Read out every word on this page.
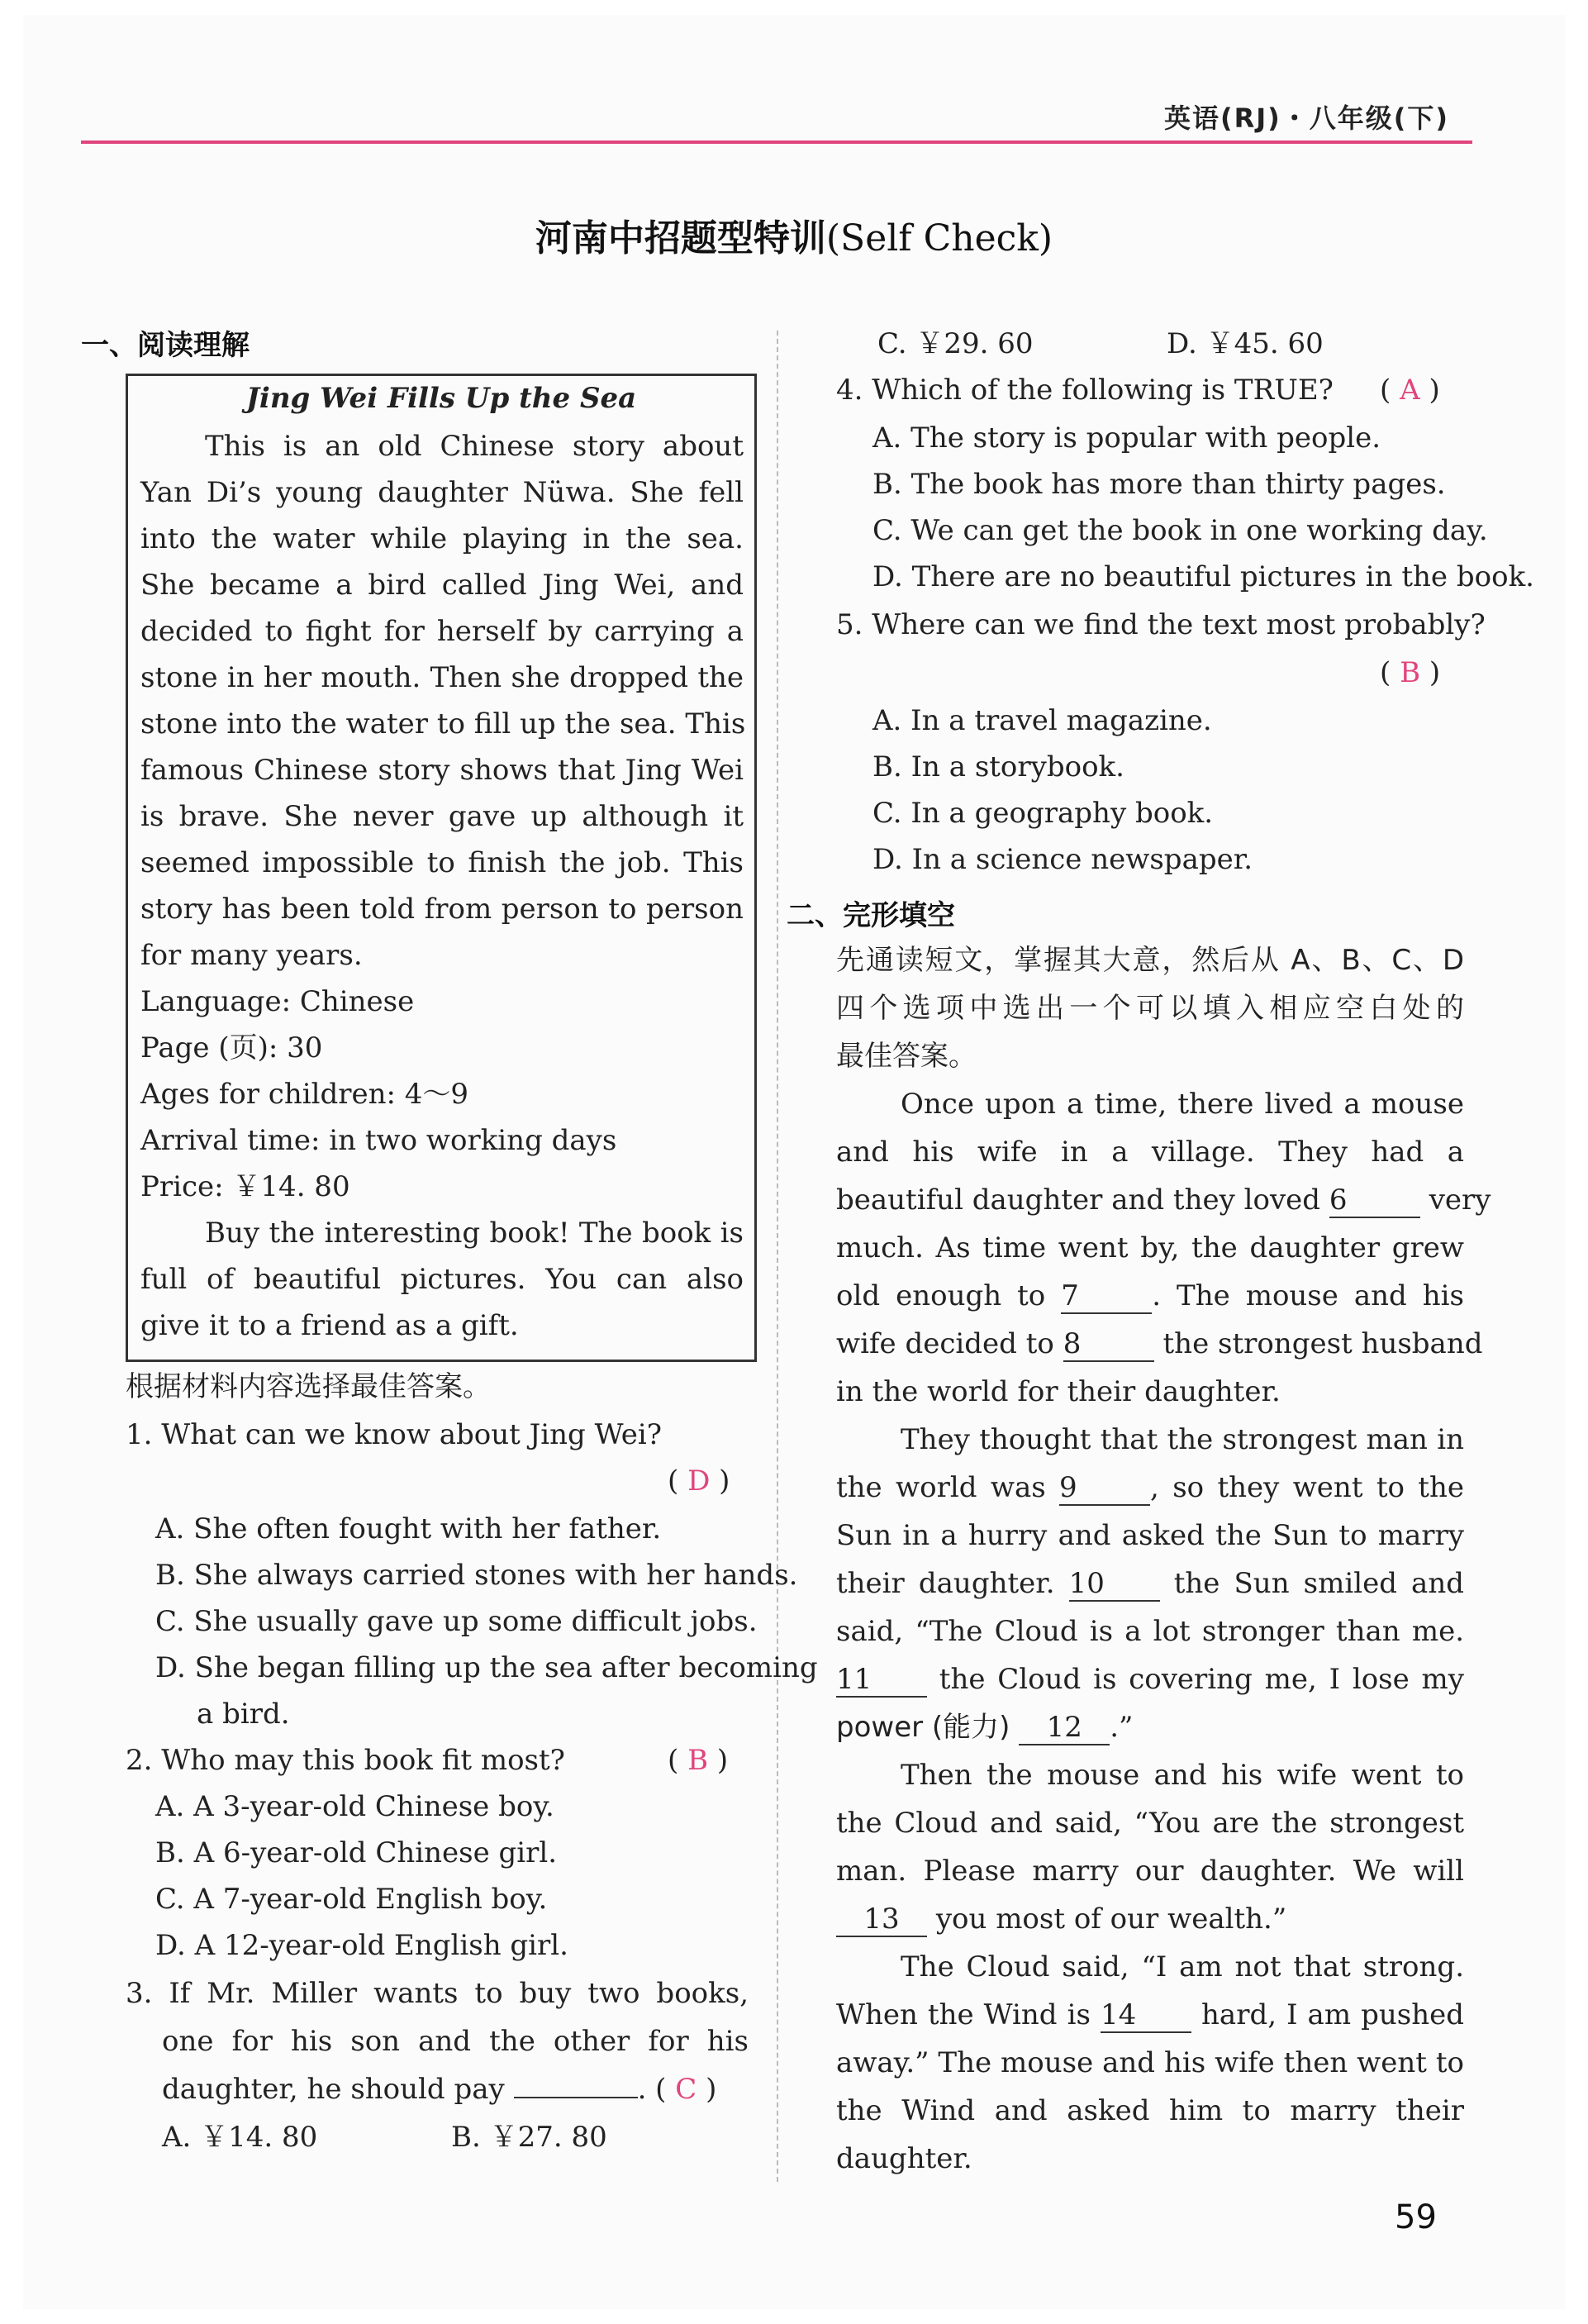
英语(RJ)・八年级(下)
河南中招题型特训(Self Check)
一、阅读理解
Jing Wei Fills Up the Sea
This is an old Chinese story about
Yan Di’s young daughter Nüwa. She fell
into the water while playing in the sea.
She became a bird called Jing Wei, and
decided to fight for herself by carrying a
stone in her mouth. Then she dropped the
stone into the water to fill up the sea. This
famous Chinese story shows that Jing Wei
is brave. She never gave up although it
seemed impossible to finish the job. This
story has been told from person to person
for many years.
Language: Chinese
Page (页): 30
Ages for children: 4～9
Arrival time: in two working days
Price: ￥14. 80
Buy the interesting book! The book is
full of beautiful pictures. You can also
give it to a friend as a gift.
根据材料内容选择最佳答案。
1. What can we know about Jing Wei?
( D )
A. She often fought with her father.
B. She always carried stones with her hands.
C. She usually gave up some difficult jobs.
D. She began filling up the sea after becoming
a bird.
2. Who may this book fit most?	( B )
A. A 3-year-old Chinese boy.
B. A 6-year-old Chinese girl.
C. A 7-year-old English boy.
D. A 12-year-old English girl.
3. If Mr. Miller wants to buy two books,
one for his son and the other for his
daughter, he should pay	. ( C )
A. ￥14. 80	B. ￥27. 80
C. ￥29. 60	D. ￥45. 60
4. Which of the following is TRUE? ( A )
A. The story is popular with people.
B. The book has more than thirty pages.
C. We can get the book in one working day.
D. There are no beautiful pictures in the book.
5. Where can we find the text most probably?
( B )
A. In a travel magazine.
B. In a storybook.
C. In a geography book.
D. In a science newspaper.
二、完形填空
先通读短文，掌握其大意，然后从 A、B、C、D
四个选项中选出一个可以填入相应空白处的
最佳答案。
Once upon a time, there lived a mouse
and his wife in a village. They had a
beautiful daughter and they loved 6	very
much. As time went by, the daughter grew
old enough to 7	. The mouse and his
wife decided to 8	the strongest husband
in the world for their daughter.
They thought that the strongest man in
the world was 9	, so they went to the
Sun in a hurry and asked the Sun to marry
their daughter. 10 the Sun smiled and
said, “The Cloud is a lot stronger than me.
11 the Cloud is covering me, I lose my
power (能力) 12 .”
Then the mouse and his wife went to
the Cloud and said, “You are the strongest
man. Please marry our daughter. We will
13 you most of our wealth.”
The Cloud said, “I am not that strong.
When the Wind is 14 hard, I am pushed
away.” The mouse and his wife then went to
the Wind and asked him to marry their
daughter.
59
